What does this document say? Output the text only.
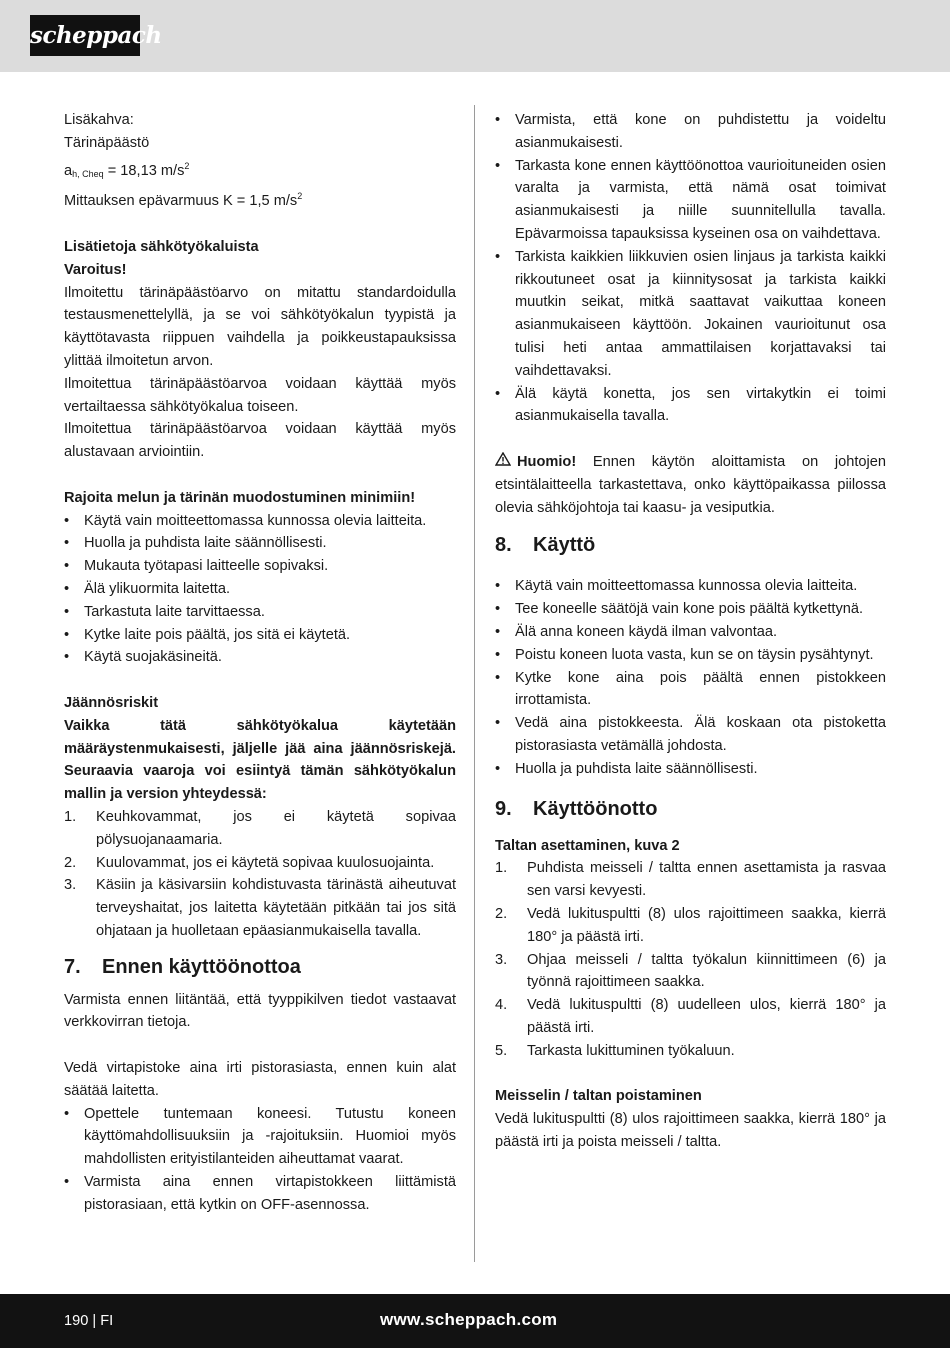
scheppach
Lisäkahva:
Tärinäpäästö
$a_{h, Cheq} = 18,13$ $m/s^2$
Mittauksen epävarmuus K = 1,5 $m/s^2$
Lisätietoja sähkötyökaluista
Varoitus!
Ilmoitettu tärinäpäästöarvo on mitattu standardoidulla testausmenettelyllä, ja se voi sähkötyökalun tyypistä ja käyttötavasta riippuen vaihdella ja poikkeustapauksissa ylittää ilmoitetun arvon.
Ilmoitettua tärinäpäästöarvoa voidaan käyttää myös vertailtaessa sähkötyökalua toiseen.
Ilmoitettua tärinäpäästöarvoa voidaan käyttää myös alustavaan arviointiin.
Rajoita melun ja tärinän muodostuminen minimiin!
• Käytä vain moitteettomassa kunnossa olevia laitteita.
• Huolla ja puhdista laite säännöllisesti.
• Mukauta työtapasi laitteelle sopivaksi.
• Älä ylikuormita laitetta.
• Tarkastuta laite tarvittaessa.
• Kytke laite pois päältä, jos sitä ei käytetä.
• Käytä suojakäsineitä.
Jäännösriskit
Vaikka tätä sähkötyökalua käytetään määräystenmukaisesti, jäljelle jää aina jäännösriskejä. Seuraavia vaaroja voi esiintyä tämän sähkötyökalun mallin ja version yhteydessä:
1. Keuhkovammat, jos ei käytetä sopivaa pölysuojanaamaria.
2. Kuulovammat, jos ei käytetä sopivaa kuulosuojainta.
3. Käsiin ja käsivarsiin kohdistuvasta tärinästä aiheutuvat terveyshaitat, jos laitetta käytetään pitkään tai jos sitä ohjataan ja huolletaan epäasianmukaisella tavalla.
7. Ennen käyttöönottoa
Varmista ennen liitäntää, että tyyppikilven tiedot vastaavat verkkovirran tietoja.
Vedä virtapistoke aina irti pistorasiasta, ennen kuin alat säätää laitetta.
• Opettele tuntemaan koneesi. Tutustu koneen käyttömahdollisuuksiin ja -rajoituksiin. Huomioi myös mahdollisten erityistilanteiden aiheuttamat vaarat.
• Varmista aina ennen virtapistokkeen liittämistä pistorasiaan, että kytkin on OFF-asennossa.
• Varmista, että kone on puhdistettu ja voideltu asianmukaisesti.
• Tarkasta kone ennen käyttöönottoa vaurioituneiden osien varalta ja varmista, että nämä osat toimivat asianmukaisesti ja niille suunnitellulla tavalla. Epävarmoissa tapauksissa kyseinen osa on vaihdettava.
• Tarkista kaikkien liikkuvien osien linjaus ja tarkista kaikki rikkoutuneet osat ja kiinnitysosat ja tarkista kaikki muutkin seikat, mitkä saattavat vaikuttaa koneen asianmukaiseen käyttöön. Jokainen vaurioitunut osa tulisi heti antaa ammattilaisen korjattavaksi tai vaihdettavaksi.
• Älä käytä konetta, jos sen virtakytkin ei toimi asianmukaisella tavalla.
Huomio! Ennen käytön aloittamista on johtojen etsintälaitteella tarkastettava, onko käyttöpaikassa piilossa olevia sähköjohtoja tai kaasu- ja vesiputkia.
8. Käyttö
• Käytä vain moitteettomassa kunnossa olevia laitteita.
• Tee koneelle säätöjä vain kone pois päältä kytkettynä.
• Älä anna koneen käydä ilman valvontaa.
• Poistu koneen luota vasta, kun se on täysin pysähtynyt.
• Kytke kone aina pois päältä ennen pistokkeen irrottamista.
• Vedä aina pistokkeesta. Älä koskaan ota pistoketta pistorasiasta vetämällä johdosta.
• Huolla ja puhdista laite säännöllisesti.
9. Käyttöönotto
Taltan asettaminen, kuva 2
1. Puhdista meisseli / taltta ennen asettamista ja rasvaa sen varsi kevyesti.
2. Vedä lukituspultti (8) ulos rajoittimeen saakka, kierrä 180° ja päästä irti.
3. Ohjaa meisseli / taltta työkalun kiinnittimeen (6) ja työnnä rajoittimeen saakka.
4. Vedä lukituspultti (8) uudelleen ulos, kierrä 180° ja päästä irti.
5. Tarkasta lukittuminen työkaluun.
Meisselin / taltan poistaminen
Vedä lukituspultti (8) ulos rajoittimeen saakka, kierrä 180° ja päästä irti ja poista meisseli / taltta.
190 | FI	www.scheppach.com
